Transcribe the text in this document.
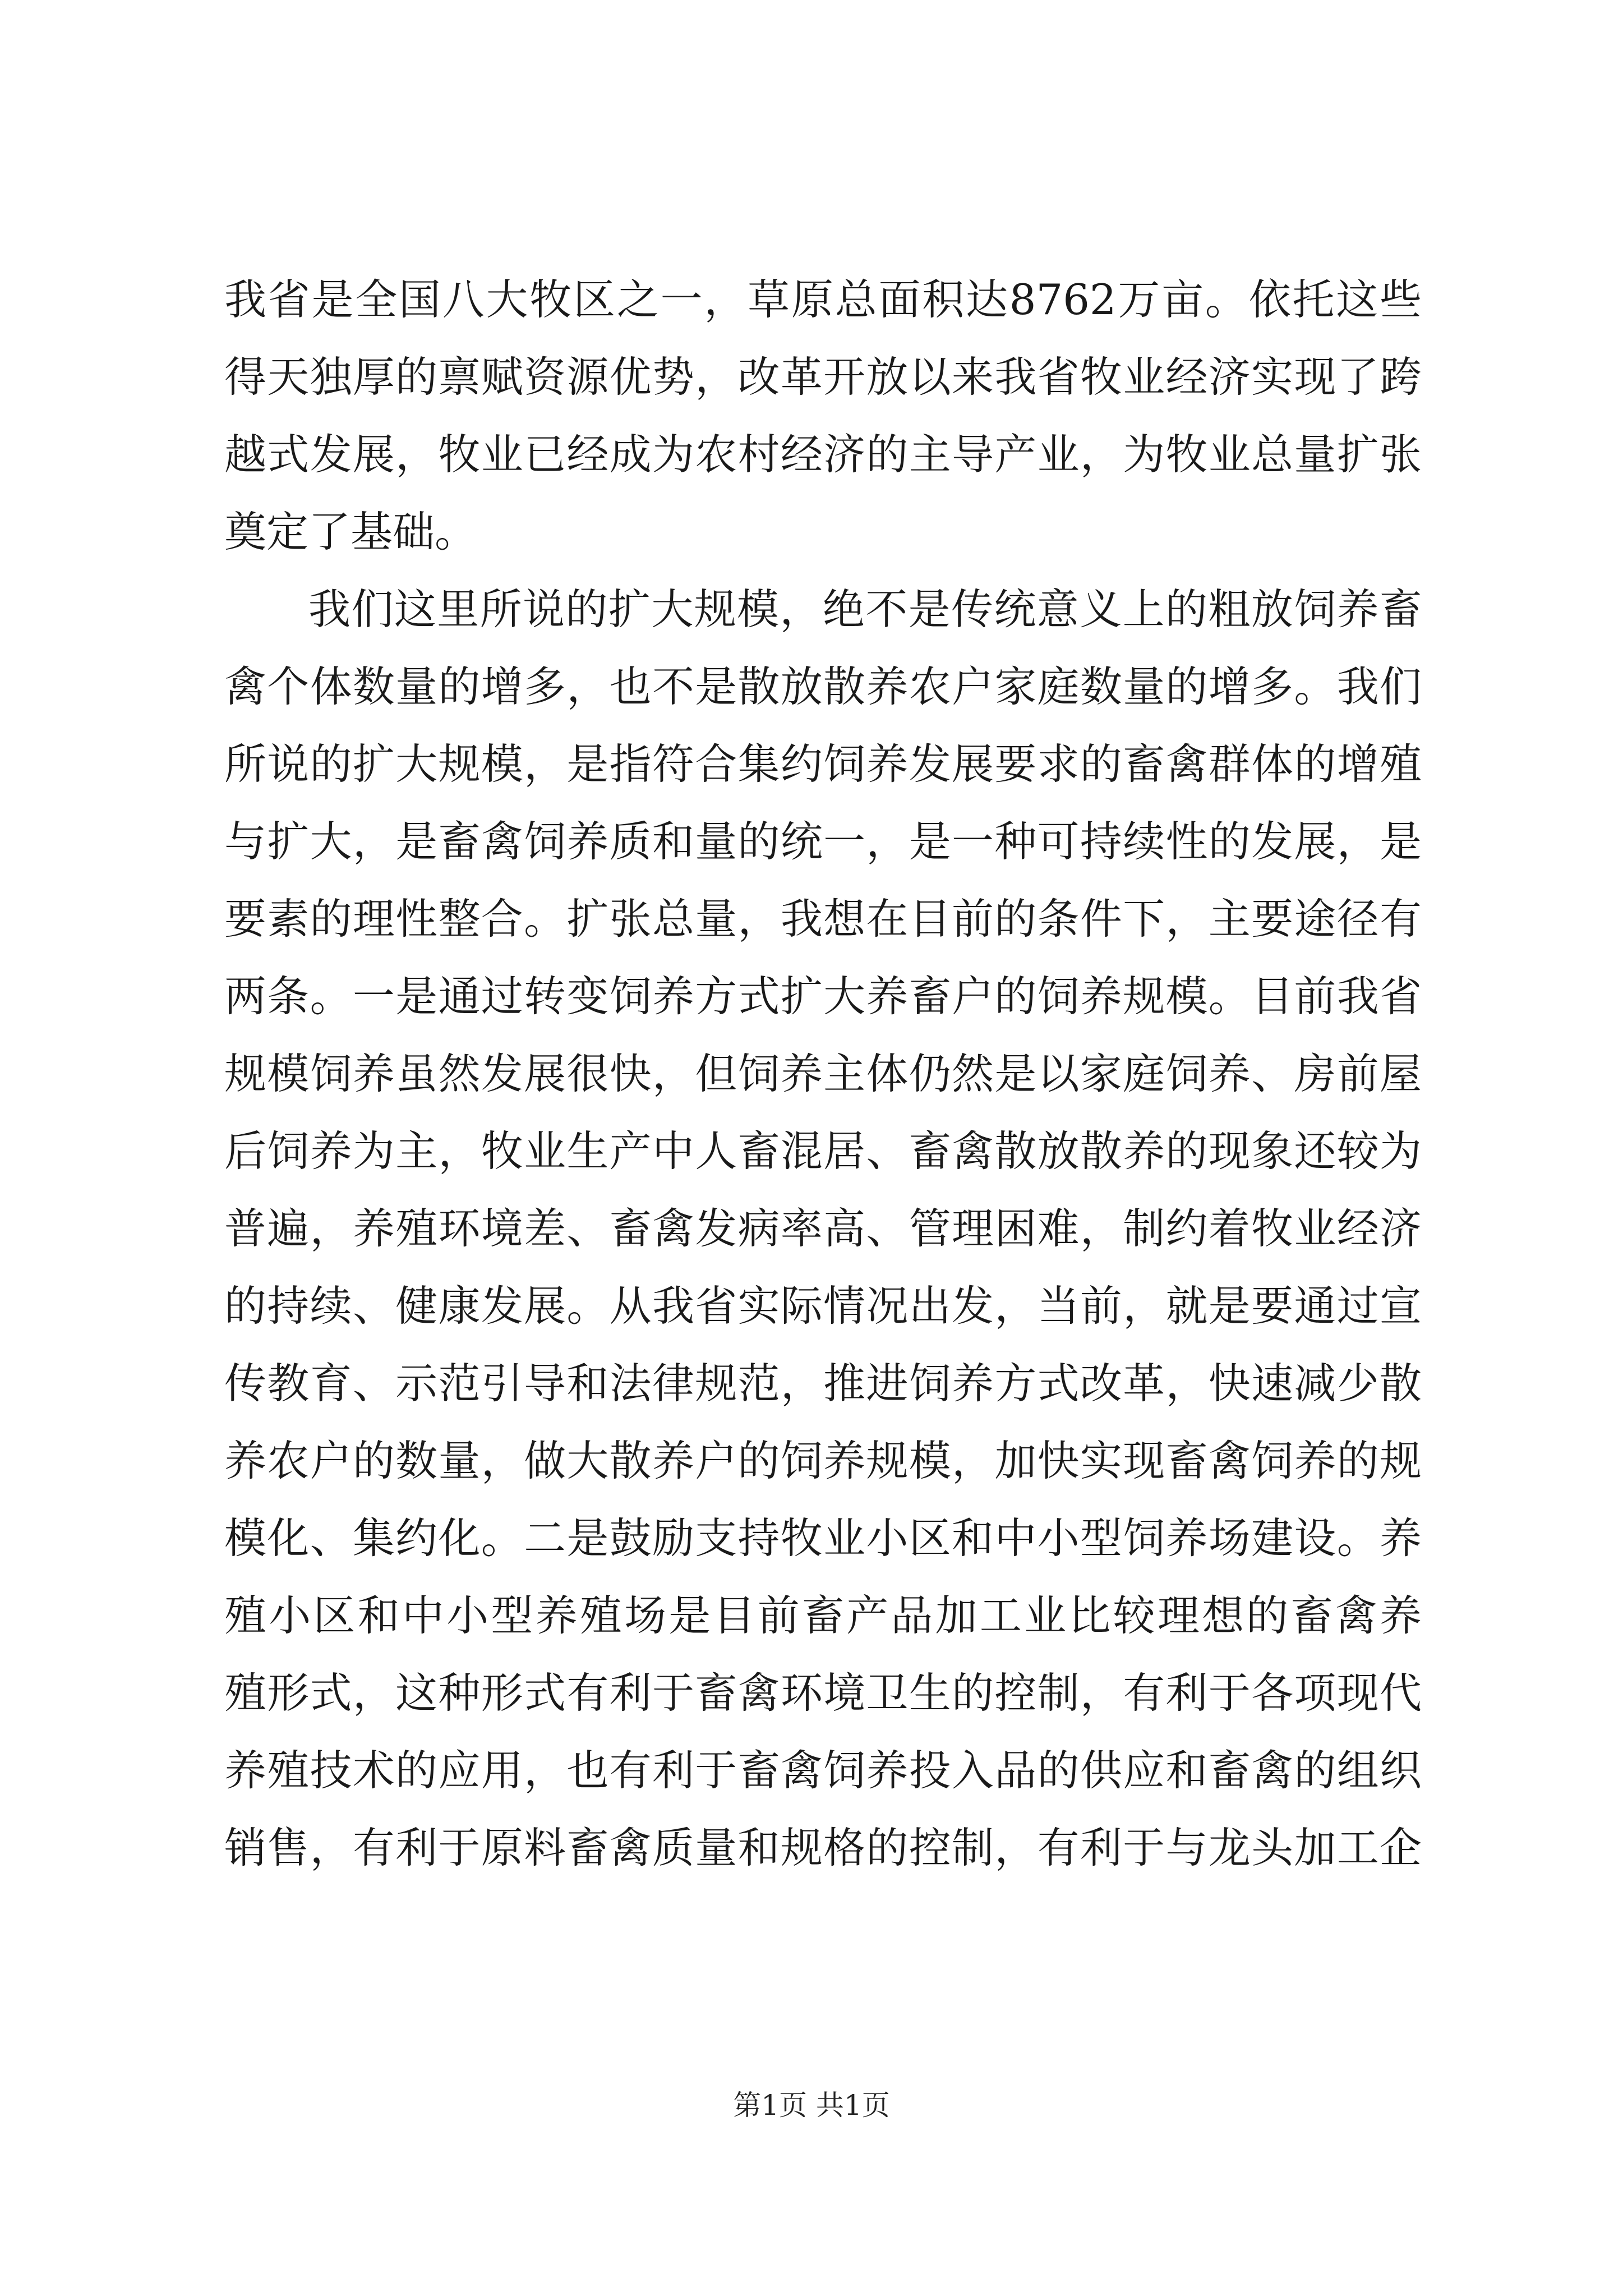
我省是全国八大牧区之一，草原总面积达8762万亩。依托这些
得天独厚的禀赋资源优势，改革开放以来我省牧业经济实现了跨
越式发展，牧业已经成为农村经济的主导产业，为牧业总量扩张
奠定了基础。
我们这里所说的扩大规模，绝不是传统意义上的粗放饲养畜
禽个体数量的增多，也不是散放散养农户家庭数量的增多。我们
所说的扩大规模，是指符合集约饲养发展要求的畜禽群体的增殖
与扩大，是畜禽饲养质和量的统一，是一种可持续性的发展，是
要素的理性整合。扩张总量，我想在目前的条件下，主要途径有
两条。一是通过转变饲养方式扩大养畜户的饲养规模。目前我省
规模饲养虽然发展很快，但饲养主体仍然是以家庭饲养、房前屋
后饲养为主，牧业生产中人畜混居、畜禽散放散养的现象还较为
普遍，养殖环境差、畜禽发病率高、管理困难，制约着牧业经济
的持续、健康发展。从我省实际情况出发，当前，就是要通过宣
传教育、示范引导和法律规范，推进饲养方式改革，快速减少散
养农户的数量，做大散养户的饲养规模，加快实现畜禽饲养的规
模化、集约化。二是鼓励支持牧业小区和中小型饲养场建设。养
殖小区和中小型养殖场是目前畜产品加工业比较理想的畜禽养
殖形式，这种形式有利于畜禽环境卫生的控制，有利于各项现代
养殖技术的应用，也有利于畜禽饲养投入品的供应和畜禽的组织
销售，有利于原料畜禽质量和规格的控制，有利于与龙头加工企
第1页 共1页
